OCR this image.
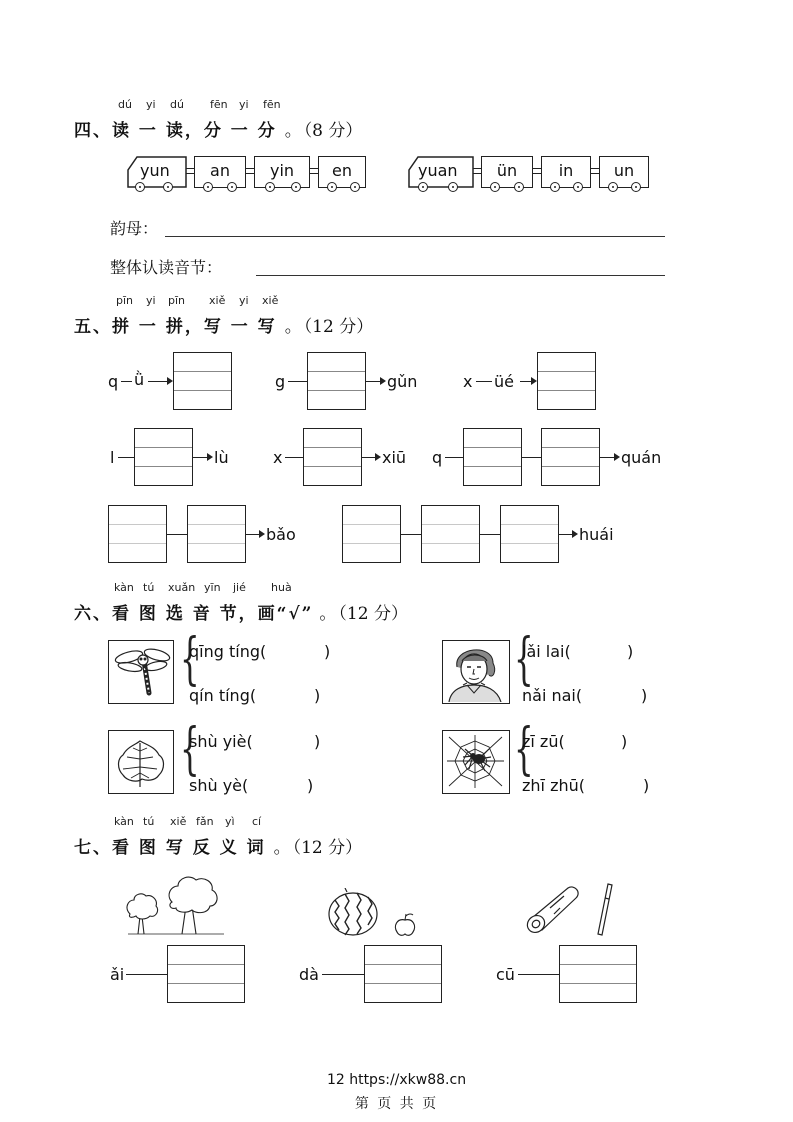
dú yi dú fēn yi fēn
四、读 一 读，分 一 分 。（8 分）
yun	an	yin	en	yuan	ün	in	un
韵母：
整体认读音节：
pīn yi pīn xiě yi xiě
五、拼 一 拼，写 一 写 。（12 分）
q ǜ	g	gǔn	x üé
l	lù	x	xiū q	quán
bǎo	huái
kàn tú xuǎn yīn jié huà
六、看 图 选 音 节，画“√” 。（12 分）
{
qīng tíng(	)
qín tíng(	)
{
lǎi lai(	)
nǎi nai(	)
{
shù yiè(	)
shù yè(	)
{
zī zū(	)
zhī zhū(	)
kàn tú xiě fǎn yì cí
七、看 图 写 反 义 词 。（12 分）
ǎi	dà	cū
12 https://xkw88.cn
第 页 共 页
